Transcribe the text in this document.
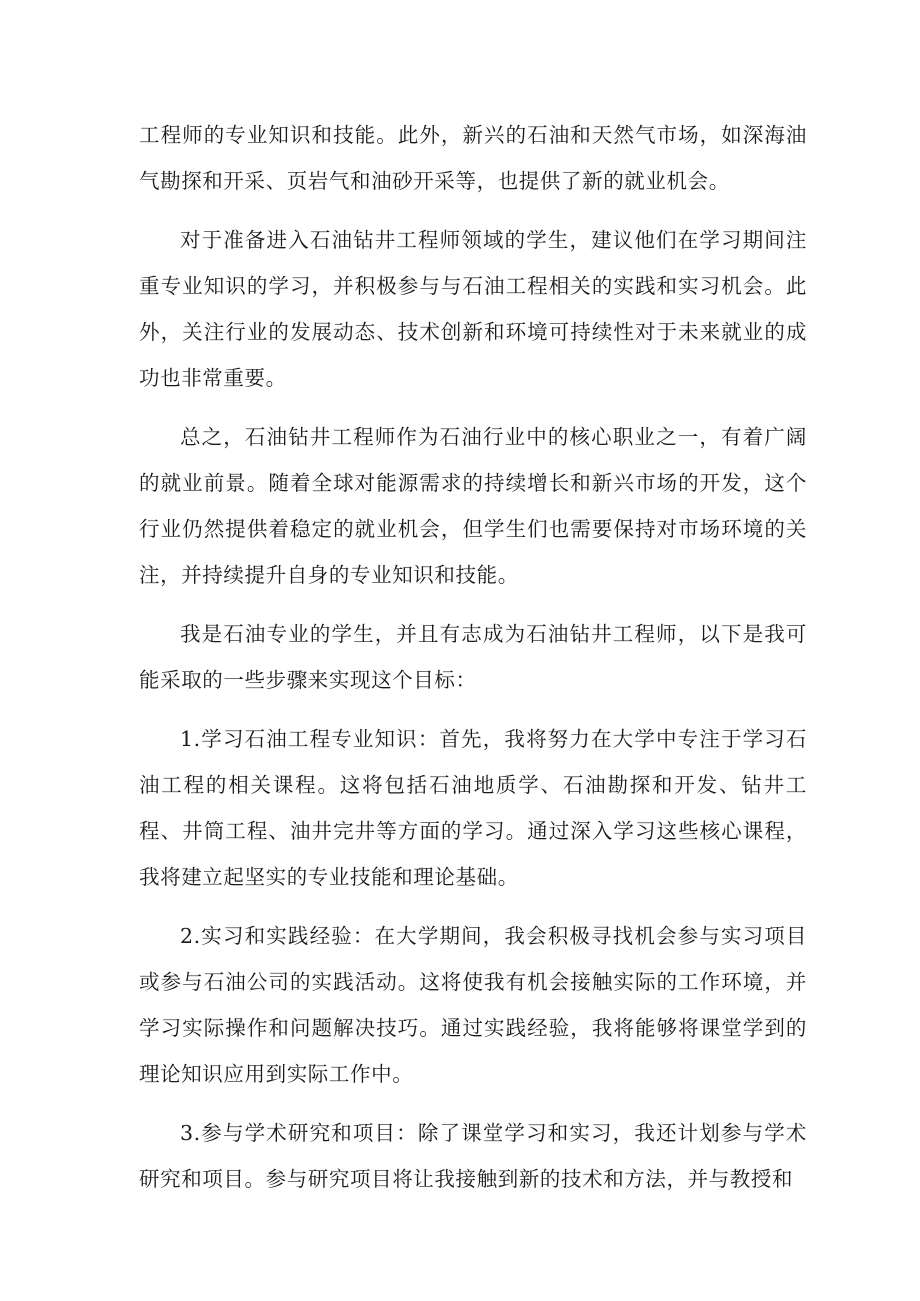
工程师的专业知识和技能。此外，新兴的石油和天然气市场，如深海油气勘探和开采、页岩气和油砂开采等，也提供了新的就业机会。

对于准备进入石油钻井工程师领域的学生，建议他们在学习期间注重专业知识的学习，并积极参与与石油工程相关的实践和实习机会。此外，关注行业的发展动态、技术创新和环境可持续性对于未来就业的成功也非常重要。

总之，石油钻井工程师作为石油行业中的核心职业之一，有着广阔的就业前景。随着全球对能源需求的持续增长和新兴市场的开发，这个行业仍然提供着稳定的就业机会，但学生们也需要保持对市场环境的关注，并持续提升自身的专业知识和技能。

我是石油专业的学生，并且有志成为石油钻井工程师，以下是我可能采取的一些步骤来实现这个目标：

1.学习石油工程专业知识：首先，我将努力在大学中专注于学习石油工程的相关课程。这将包括石油地质学、石油勘探和开发、钻井工程、井筒工程、油井完井等方面的学习。通过深入学习这些核心课程，我将建立起坚实的专业技能和理论基础。

2.实习和实践经验：在大学期间，我会积极寻找机会参与实习项目或参与石油公司的实践活动。这将使我有机会接触实际的工作环境，并学习实际操作和问题解决技巧。通过实践经验，我将能够将课堂学到的理论知识应用到实际工作中。

3.参与学术研究和项目：除了课堂学习和实习，我还计划参与学术研究和项目。参与研究项目将让我接触到新的技术和方法，并与教授和
